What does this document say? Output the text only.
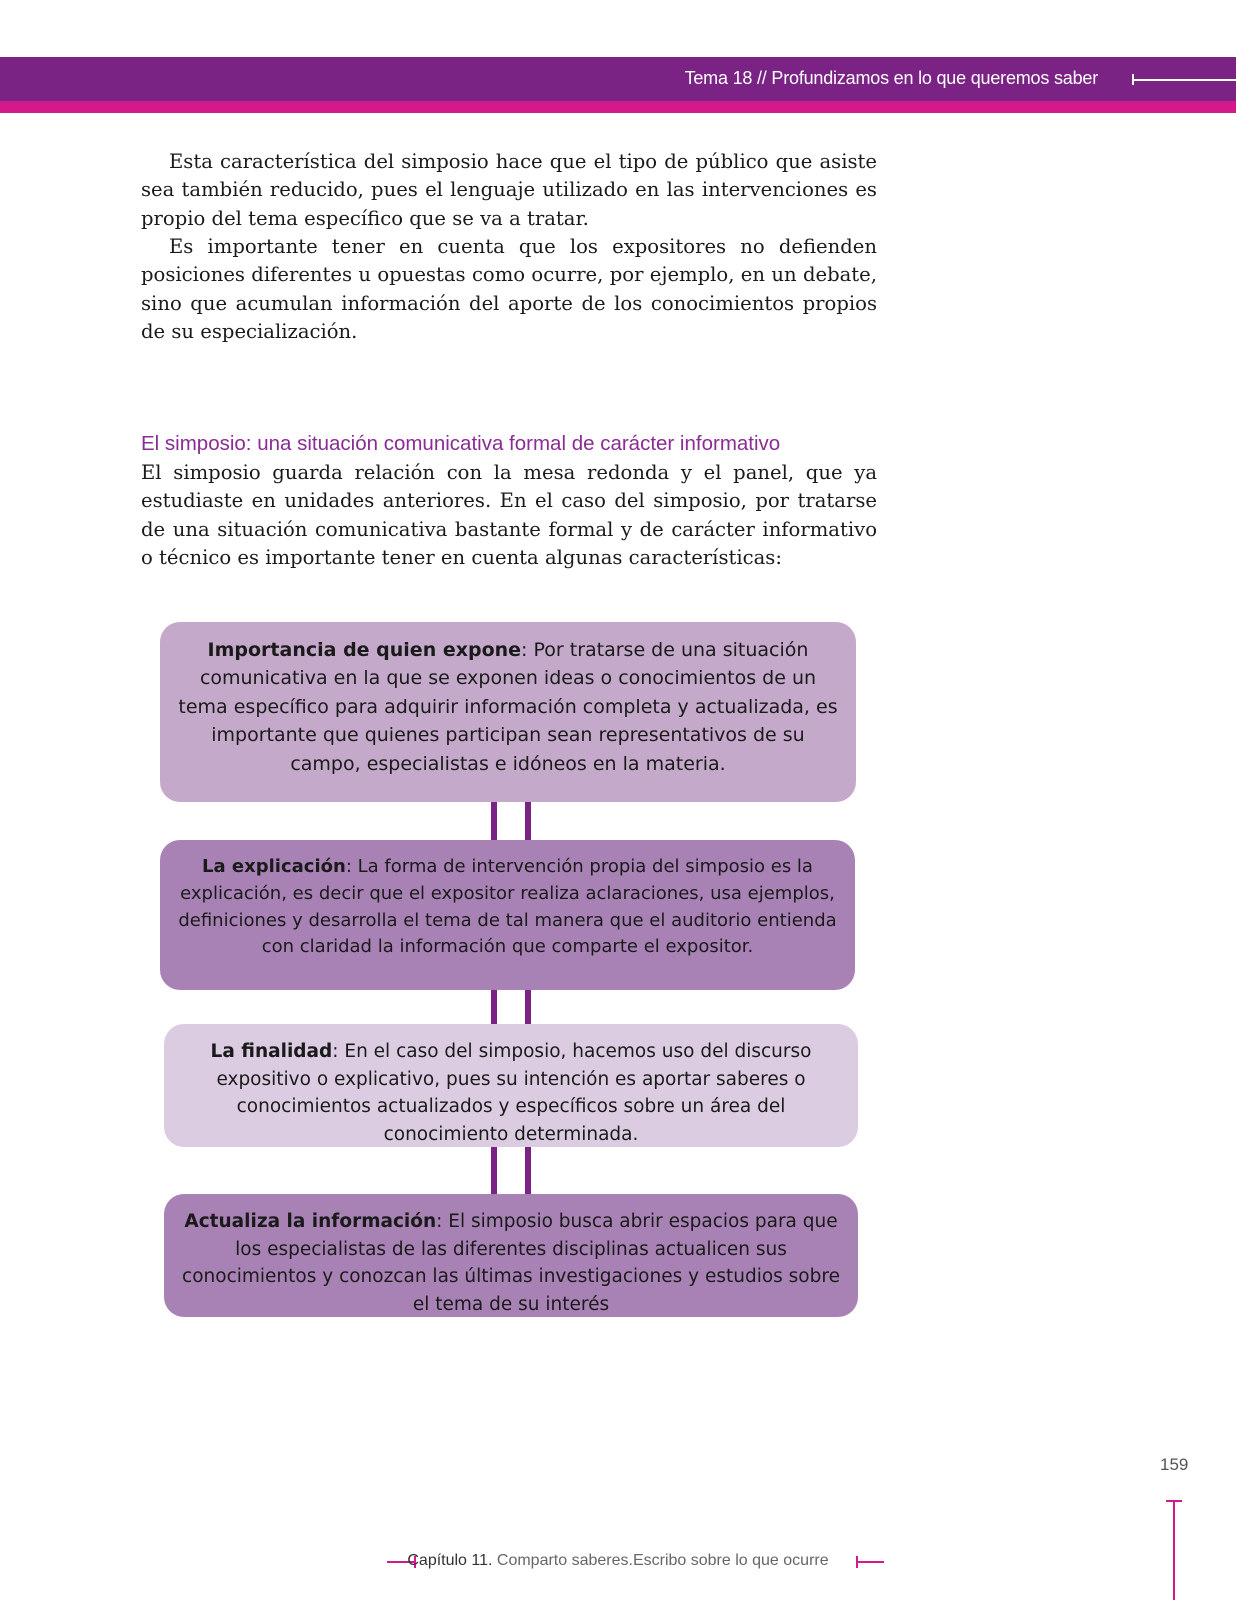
Tema 18 // Profundizamos en lo que queremos saber

Esta característica del simposio hace que el tipo de público que asiste sea también reducido, pues el lenguaje utilizado en las intervenciones es propio del tema específico que se va a tratar.

Es importante tener en cuenta que los expositores no defienden posiciones diferentes u opuestas como ocurre, por ejemplo, en un debate, sino que acumulan información del aporte de los conocimientos propios de su especialización.

El simposio: una situación comunicativa formal de carácter informativo

El simposio guarda relación con la mesa redonda y el panel, que ya estudiaste en unidades anteriores. En el caso del simposio, por tratarse de una situación comunicativa bastante formal y de carácter informativo o técnico es importante tener en cuenta algunas características:

Importancia de quien expone: Por tratarse de una situación comunicativa en la que se exponen ideas o conocimientos de un tema específico para adquirir información completa y actualizada, es importante que quienes participan sean representativos de su campo, especialistas e idóneos en la materia.
La explicación: La forma de intervención propia del simposio es la explicación, es decir que el expositor realiza aclaraciones, usa ejemplos, definiciones y desarrolla el tema de tal manera que el auditorio entienda con claridad la información que comparte el expositor.
La finalidad: En el caso del simposio, hacemos uso del discurso expositivo o explicativo, pues su intención es aportar saberes o conocimientos actualizados y específicos sobre un área del conocimiento determinada.
Actualiza la información: El simposio busca abrir espacios para que los especialistas de las diferentes disciplinas actualicen sus conocimientos y conozcan las últimas investigaciones y estudios sobre el tema de su interés
159
Capítulo 11. Comparto saberes.Escribo sobre lo que ocurre
